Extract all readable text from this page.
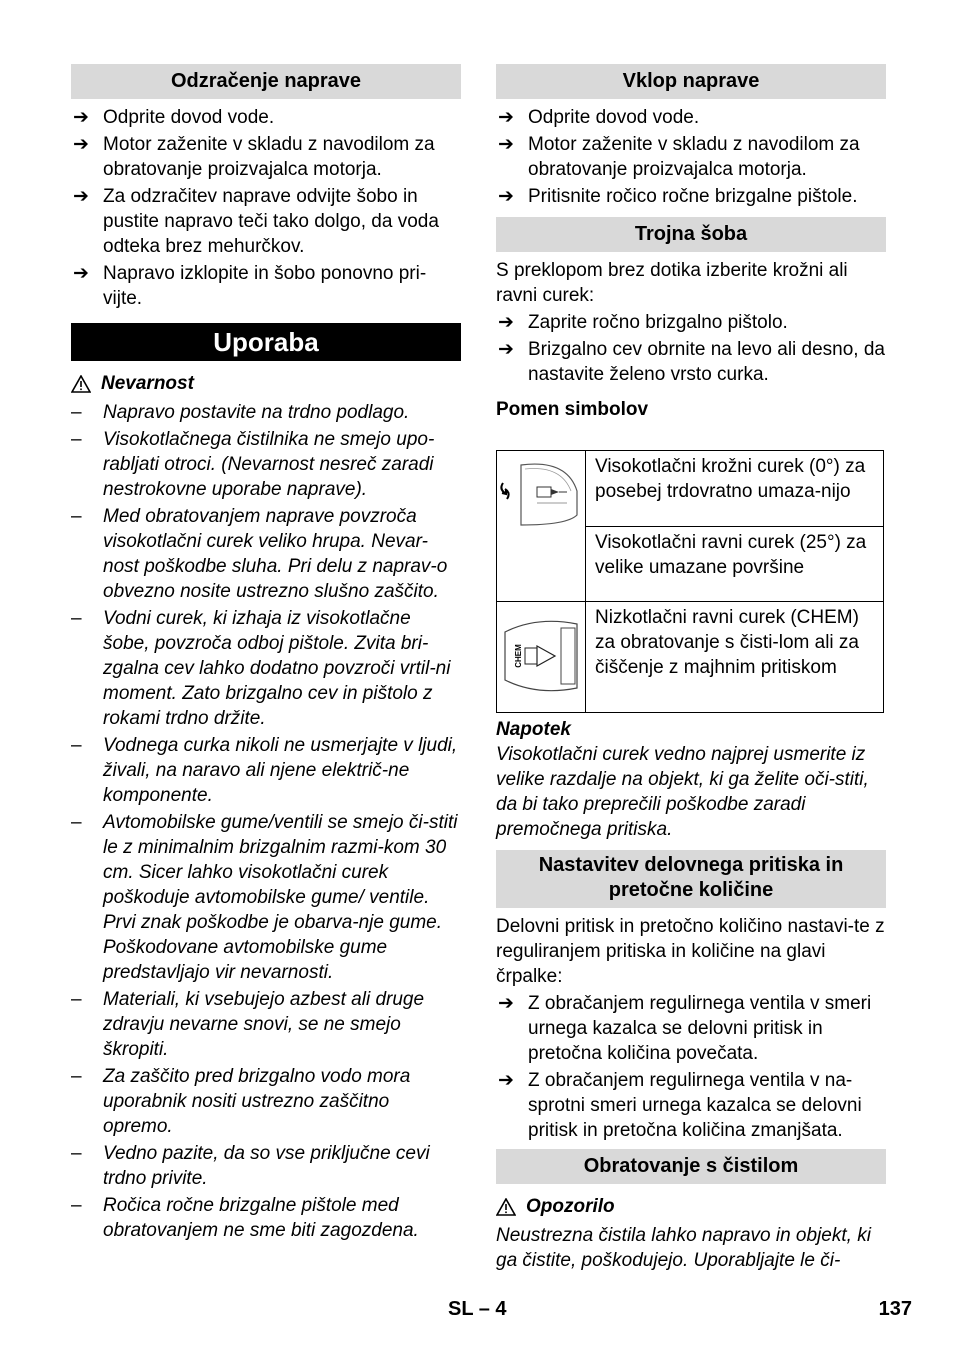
Odzračenje naprave
➔ Odprite dovod vode.
➔ Motor zaženite v skladu z navodilom za obratovanje proizvajalca motorja.
➔ Za odzračitev naprave odvijte šobo in pustite napravo teči tako dolgo, da voda odteka brez mehurčkov.
➔ Napravo izklopite in šobo ponovno pri-vijte.
Uporaba
Nevarnost
– Napravo postavite na trdno podlago.
– Visokotlačnega čistilnika ne smejo upo-rabljati otroci. (Nevarnost nesreč zaradi nestrokovne uporabe naprave).
– Med obratovanjem naprave povzroča visokotlačni curek veliko hrupa. Nevar-nost poškodbe sluha. Pri delu z naprav-o obvezno nosite ustrezno slušno zaščito.
– Vodni curek, ki izhaja iz visokotlačne šobe, povzroča odboj pištole. Zvita bri-zgalna cev lahko dodatno povzroči vrtil-ni moment. Zato brizgalno cev in pištolo z rokami trdno držite.
– Vodnega curka nikoli ne usmerjajte v ljudi, živali, na naravo ali njene električ-ne komponente.
– Avtomobilske gume/ventili se smejo či-stiti le z minimalnim brizgalnim razmi-kom 30 cm. Sicer lahko visokotlačni curek poškoduje avtomobilske gume/ ventile. Prvi znak poškodbe je obarva-nje gume. Poškodovane avtomobilske gume predstavljajo vir nevarnosti.
– Materiali, ki vsebujejo azbest ali druge zdravju nevarne snovi, se ne smejo škropiti.
– Za zaščito pred brizgalno vodo mora uporabnik nositi ustrezno zaščitno opremo.
– Vedno pazite, da so vse priključne cevi trdno privite.
– Ročica ročne brizgalne pištole med obratovanjem ne sme biti zagozdena.
Vklop naprave
➔ Odprite dovod vode.
➔ Motor zaženite v skladu z navodilom za obratovanje proizvajalca motorja.
➔ Pritisnite ročico ročne brizgalne pištole.
Trojna šoba

S preklopom brez dotika izberite krožni ali ravni curek:

➔ Zaprite ročno brizgalno pištolo.
➔ Brizgalno cev obrnite na levo ali desno, da nastavite želeno vrsto curka.
Pomen simbolov
	Visokotlačni krožni curek (0°) za posebej trdovratno umaza-nijo
	Visokotlačni ravni curek (25°) za velike umazane površine

CHEM	Nizkotlačni ravni curek (CHEM) za obratovanje s čisti-lom ali za čiščenje z majhnim pritiskom
Napotek

Visokotlačni curek vedno najprej usmerite iz velike razdalje na objekt, ki ga želite oči-stiti, da bi tako preprečili poškodbe zaradi premočnega pritiska.

Nastavitev delovnega pritiska in
pretočne količine

Delovni pritisk in pretočno količino nastavi-te z reguliranjem pritiska in količine na glavi črpalke:

➔ Z obračanjem regulirnega ventila v smeri urnega kazalca se delovni pritisk in pretočna količina povečata.
➔ Z obračanjem regulirnega ventila v na-sprotni smeri urnega kazalca se delovni pritisk in pretočna količina zmanjšata.
Obratovanje s čistilom
Opozorilo

Neustrezna čistila lahko napravo in objekt, ki ga čistite, poškodujejo. Uporabljajte le či-

SL – 4	137
